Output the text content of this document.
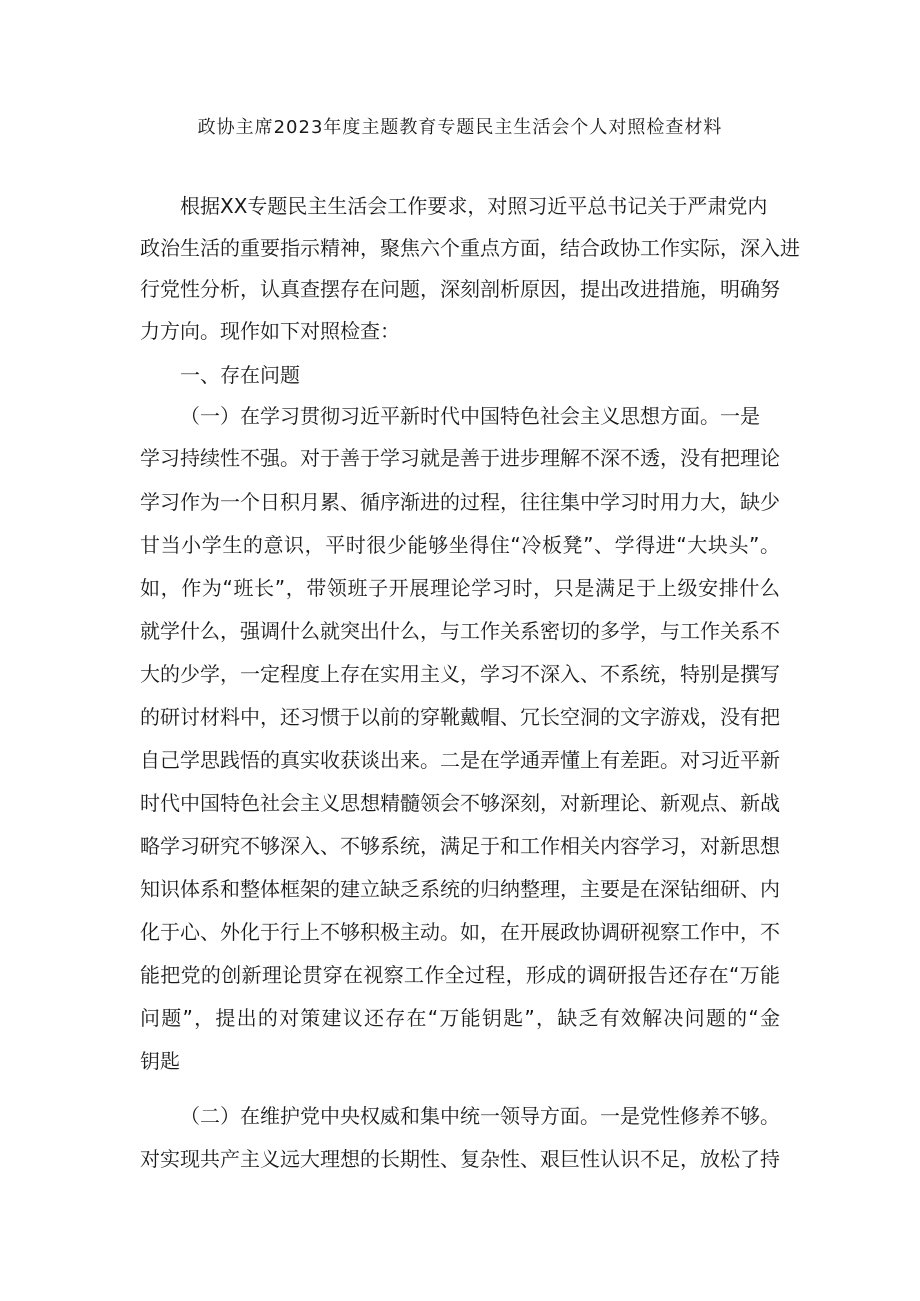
政协主席2023年度主题教育专题民主生活会个人对照检查材料
根据XX专题民主生活会工作要求，对照习近平总书记关于严肃党内
政治生活的重要指示精神，聚焦六个重点方面，结合政协工作实际，深入进
行党性分析，认真查摆存在问题，深刻剖析原因，提出改进措施，明确努
力方向。现作如下对照检查：
一、存在问题
（一）在学习贯彻习近平新时代中国特色社会主义思想方面。一是
学习持续性不强。对于善于学习就是善于进步理解不深不透，没有把理论
学习作为一个日积月累、循序渐进的过程，往往集中学习时用力大，缺少
甘当小学生的意识，平时很少能够坐得住“冷板凳”、学得进“大块头”。
如，作为“班长”，带领班子开展理论学习时，只是满足于上级安排什么
就学什么，强调什么就突出什么，与工作关系密切的多学，与工作关系不
大的少学，一定程度上存在实用主义，学习不深入、不系统，特别是撰写
的研讨材料中，还习惯于以前的穿靴戴帽、冗长空洞的文字游戏，没有把
自己学思践悟的真实收获谈出来。二是在学通弄懂上有差距。对习近平新
时代中国特色社会主义思想精髓领会不够深刻，对新理论、新观点、新战
略学习研究不够深入、不够系统，满足于和工作相关内容学习，对新思想
知识体系和整体框架的建立缺乏系统的归纳整理，主要是在深钻细研、内
化于心、外化于行上不够积极主动。如，在开展政协调研视察工作中，不
能把党的创新理论贯穿在视察工作全过程，形成的调研报告还存在“万能
问题”，提出的对策建议还存在“万能钥匙”，缺乏有效解决问题的“金
钥匙
（二）在维护党中央权威和集中统一领导方面。一是党性修养不够。
对实现共产主义远大理想的长期性、复杂性、艰巨性认识不足，放松了持
